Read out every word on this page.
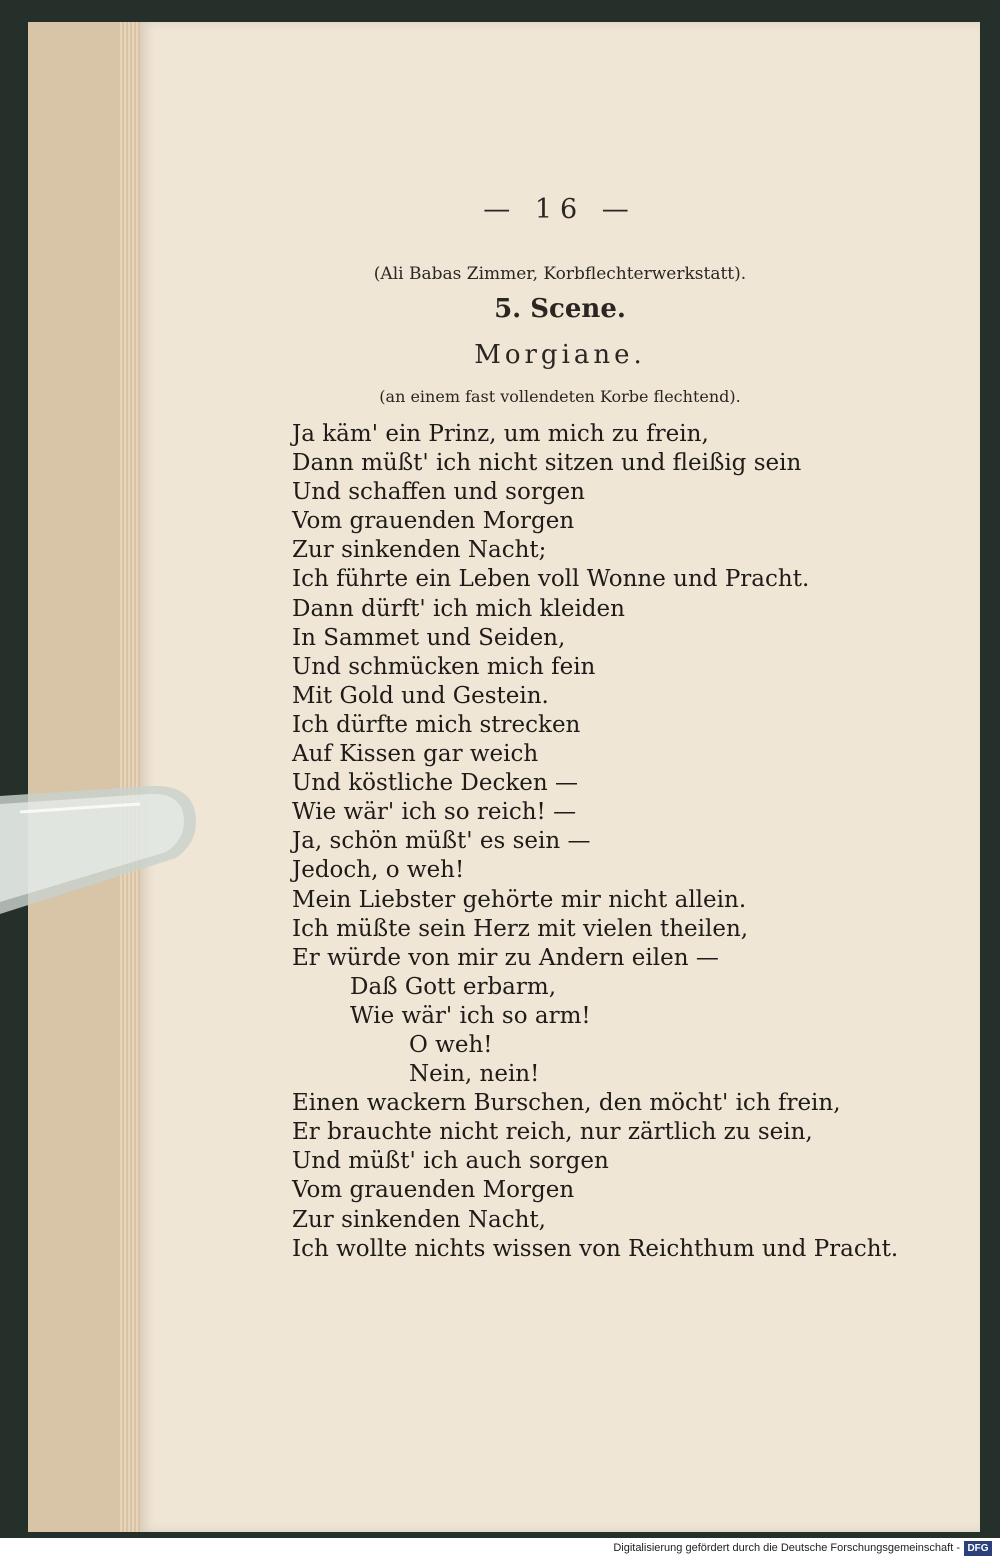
— 16 —
(Ali Babas Zimmer, Korbflechterwerkstatt).
5. Scene.
Morgiane.
(an einem fast vollendeten Korbe flechtend).
Ja käm' ein Prinz, um mich zu frein,
Dann müßt' ich nicht sitzen und fleißig sein
Und schaffen und sorgen
Vom grauenden Morgen
Zur sinkenden Nacht;
Ich führte ein Leben voll Wonne und Pracht.
Dann dürft' ich mich kleiden
In Sammet und Seiden,
Und schmücken mich fein
Mit Gold und Gestein.
Ich dürfte mich strecken
Auf Kissen gar weich
Und köstliche Decken —
Wie wär' ich so reich! —
Ja, schön müßt' es sein —
Jedoch, o weh!
Mein Liebster gehörte mir nicht allein.
Ich müßte sein Herz mit vielen theilen,
Er würde von mir zu Andern eilen —
Daß Gott erbarm,
Wie wär' ich so arm!
O weh!
Nein, nein!
Einen wackern Burschen, den möcht' ich frein,
Er brauchte nicht reich, nur zärtlich zu sein,
Und müßt' ich auch sorgen
Vom grauenden Morgen
Zur sinkenden Nacht,
Ich wollte nichts wissen von Reichthum und Pracht.
Digitalisierung gefördert durch die Deutsche Forschungsgemeinschaft - DFG
